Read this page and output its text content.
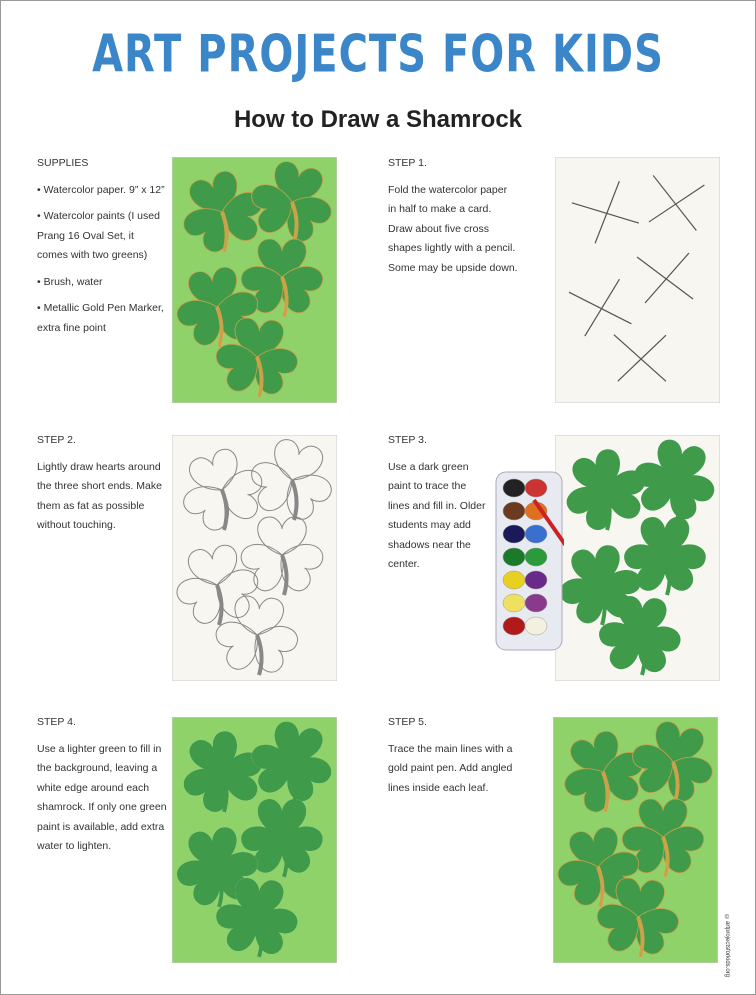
ART PROJECTS FOR KIDS
How to Draw a Shamrock
SUPPLIES

• Watercolor paper. 9” x 12”

• Watercolor paints (I used Prang 16 Oval Set, it comes with two greens)

• Brush, water

• Metallic Gold Pen Marker, extra fine point

STEP 1.

Fold the watercolor paper in half to make a card. Draw about five cross shapes lightly with a pencil. Some may be upside down.

STEP 2.

Lightly draw hearts around the three short ends. Make them as fat as possible without touching.

STEP 3.

Use a dark green paint to trace the lines and fill in. Older students may add shadows near the center.

STEP 4.

Use a lighter green to fill in the background, leaving a white edge around each shamrock. If only one green paint is available, add extra water to lighten.

STEP 5.

Trace the main lines with a gold paint pen. Add angled lines inside each leaf.

©artprojectsforkids.org
